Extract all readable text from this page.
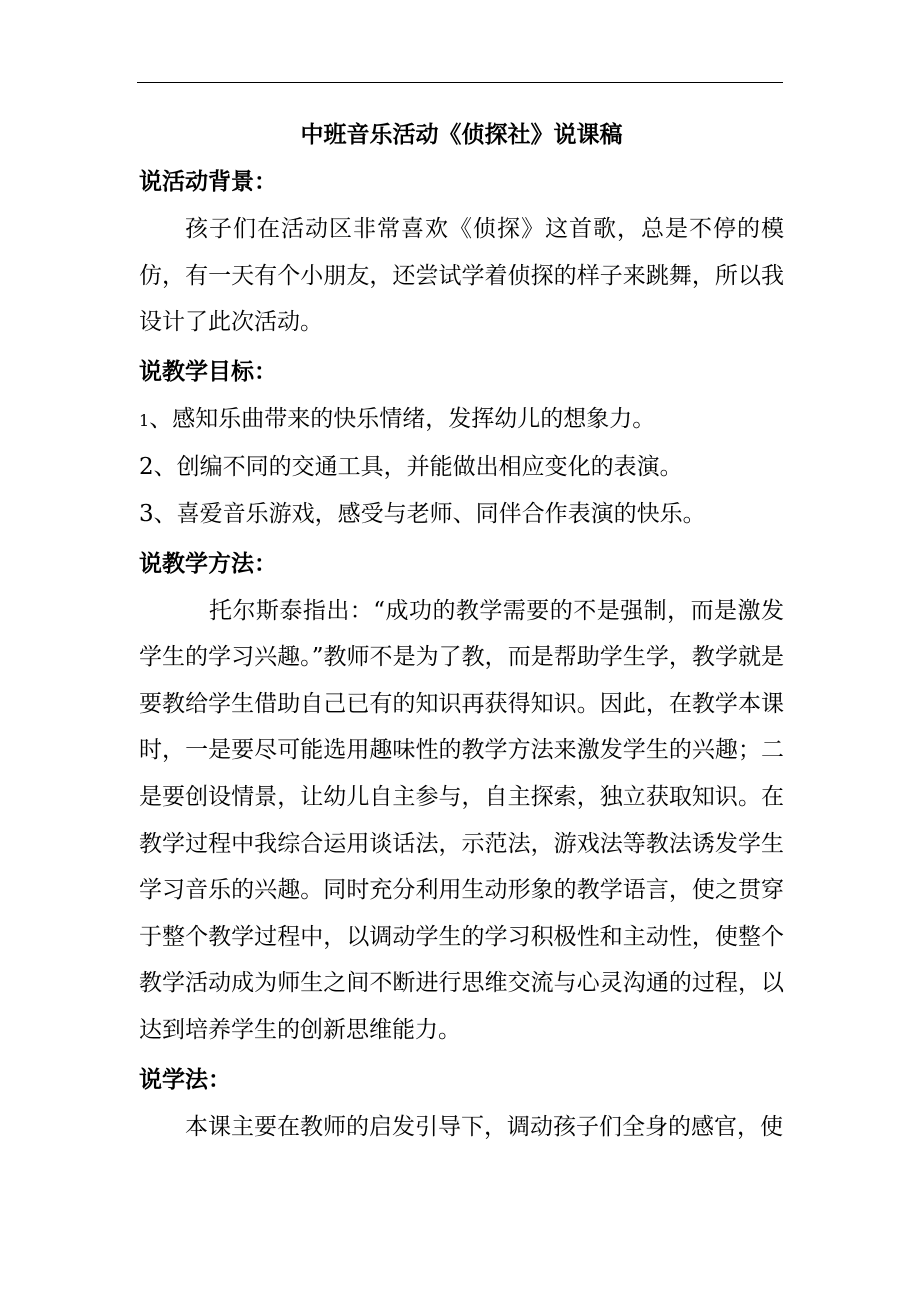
中班音乐活动《侦探社》说课稿
说活动背景：

孩子们在活动区非常喜欢《侦探》这首歌，总是不停的模仿，有一天有个小朋友，还尝试学着侦探的样子来跳舞，所以我设计了此次活动。

说教学目标：
1、感知乐曲带来的快乐情绪，发挥幼儿的想象力。
2、创编不同的交通工具，并能做出相应变化的表演。
3、喜爱音乐游戏，感受与老师、同伴合作表演的快乐。
说教学方法：

托尔斯泰指出：“成功的教学需要的不是强制，而是激发学生的学习兴趣。”教师不是为了教，而是帮助学生学，教学就是要教给学生借助自己已有的知识再获得知识。因此，在教学本课时，一是要尽可能选用趣味性的教学方法来激发学生的兴趣；二是要创设情景，让幼儿自主参与，自主探索，独立获取知识。在教学过程中我综合运用谈话法，示范法，游戏法等教法诱发学生学习音乐的兴趣。同时充分利用生动形象的教学语言，使之贯穿于整个教学过程中，以调动学生的学习积极性和主动性，使整个教学活动成为师生之间不断进行思维交流与心灵沟通的过程，以达到培养学生的创新思维能力。

说学法：

本课主要在教师的启发引导下，调动孩子们全身的感官，使
